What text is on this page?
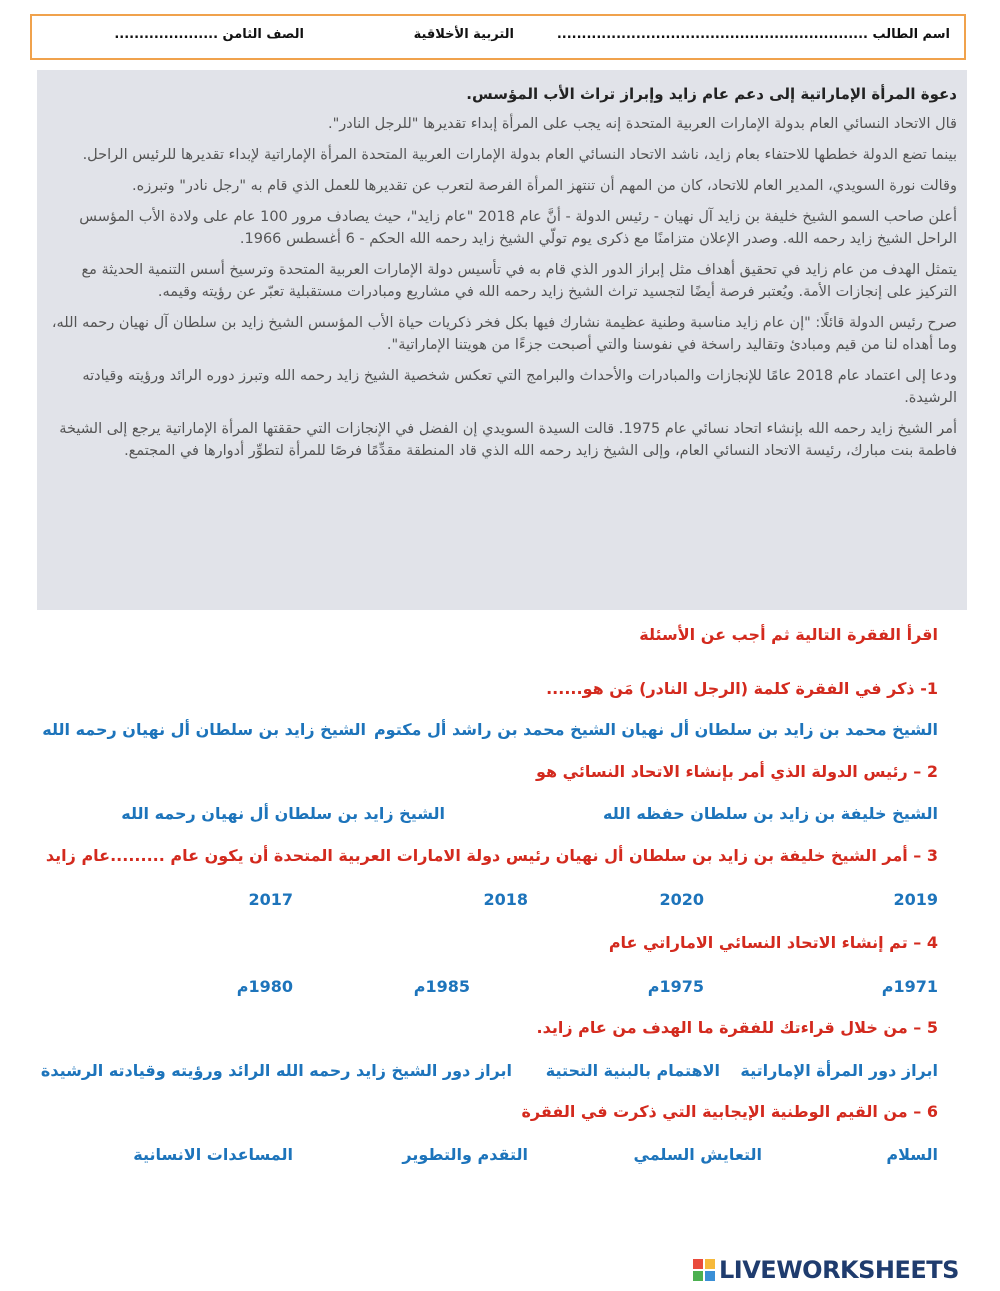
اسم الطالب ...............................................................
التربية الأخلاقية
الصف الثامن .....................
دعوة المرأة الإماراتية إلى دعم عام زايد وإبراز تراث الأب المؤسس.

قال الاتحاد النسائي العام بدولة الإمارات العربية المتحدة إنه يجب على المرأة إبداء تقديرها "للرجل النادر".

بينما تضع الدولة خططها للاحتفاء بعام زايد، ناشد الاتحاد النسائي العام بدولة الإمارات العربية المتحدة المرأة الإماراتية لإبداء تقديرها للرئيس الراحل.

وقالت نورة السويدي، المدير العام للاتحاد، كان من المهم أن تنتهز المرأة الفرصة لتعرب عن تقديرها للعمل الذي قام به "رجل نادر" وتبرزه.

أعلن صاحب السمو الشيخ خليفة بن زايد آل نهيان - رئيس الدولة - أنَّ عام 2018 "عام زايد"، حيث يصادف مرور 100 عام على ولادة الأب المؤسس الراحل الشيخ زايد رحمه الله. وصدر الإعلان متزامنًا مع ذكرى يوم تولّي الشيخ زايد رحمه الله الحكم - 6 أغسطس 1966.

يتمثل الهدف من عام زايد في تحقيق أهداف مثل إبراز الدور الذي قام به في تأسيس دولة الإمارات العربية المتحدة وترسيخ أسس التنمية الحديثة مع التركيز على إنجازات الأمة. ويُعتبر فرصة أيضًا لتجسيد تراث الشيخ زايد رحمه الله في مشاريع ومبادرات مستقبلية تعبّر عن رؤيته وقيمه.

صرح رئيس الدولة قائلًا: "إن عام زايد مناسبة وطنية عظيمة نشارك فيها بكل فخر ذكريات حياة الأب المؤسس الشيخ زايد بن سلطان آل نهيان رحمه الله، وما أهداه لنا من قيم ومبادئ وتقاليد راسخة في نفوسنا والتي أصبحت جزءًا من هويتنا الإماراتية".

ودعا إلى اعتماد عام 2018 عامًا للإنجازات والمبادرات والأحداث والبرامج التي تعكس شخصية الشيخ زايد رحمه الله وتبرز دوره الرائد ورؤيته وقيادته الرشيدة.

أمر الشيخ زايد رحمه الله بإنشاء اتحاد نسائي عام 1975. قالت السيدة السويدي إن الفضل في الإنجازات التي حققتها المرأة الإماراتية يرجع إلى الشيخة فاطمة بنت مبارك، رئيسة الاتحاد النسائي العام، وإلى الشيخ زايد رحمه الله الذي قاد المنطقة مقدِّمًا فرصًا للمرأة لتطوِّر أدوارها في المجتمع.

اقرأ الفقرة التالية ثم أجب عن الأسئلة
1- ذكر في الفقرة كلمة (الرجل النادر) مَن هو......
الشيخ محمد بن زايد بن سلطان أل نهيان
الشيخ محمد بن راشد أل مكتوم
الشيخ زايد بن سلطان أل نهيان رحمه الله
2 – رئيس الدولة الذي أمر بإنشاء الاتحاد النسائي هو
الشيخ خليفة بن زايد بن سلطان حفظه الله
الشيخ زايد بن سلطان أل نهيان رحمه الله
3 – أمر الشيخ خليفة بن زايد بن سلطان أل نهيان رئيس دولة الامارات العربية المتحدة أن يكون عام .........عام زايد
2019
2020
2018
2017
4 – تم إنشاء الاتحاد النسائي الاماراتي عام
1971م
1975م
1985م
1980م
5 – من خلال قراءتك للفقرة ما الهدف من عام زايد.
ابراز دور المرأة الإماراتية
الاهتمام بالبنية التحتية
ابراز دور الشيخ زايد رحمه الله الرائد ورؤيته وقيادته الرشيدة
6 – من القيم الوطنية الإيجابية التي ذكرت في الفقرة
السلام
التعايش السلمي
التقدم والتطوير
المساعدات الانسانية
LIVEWORKSHEETS
